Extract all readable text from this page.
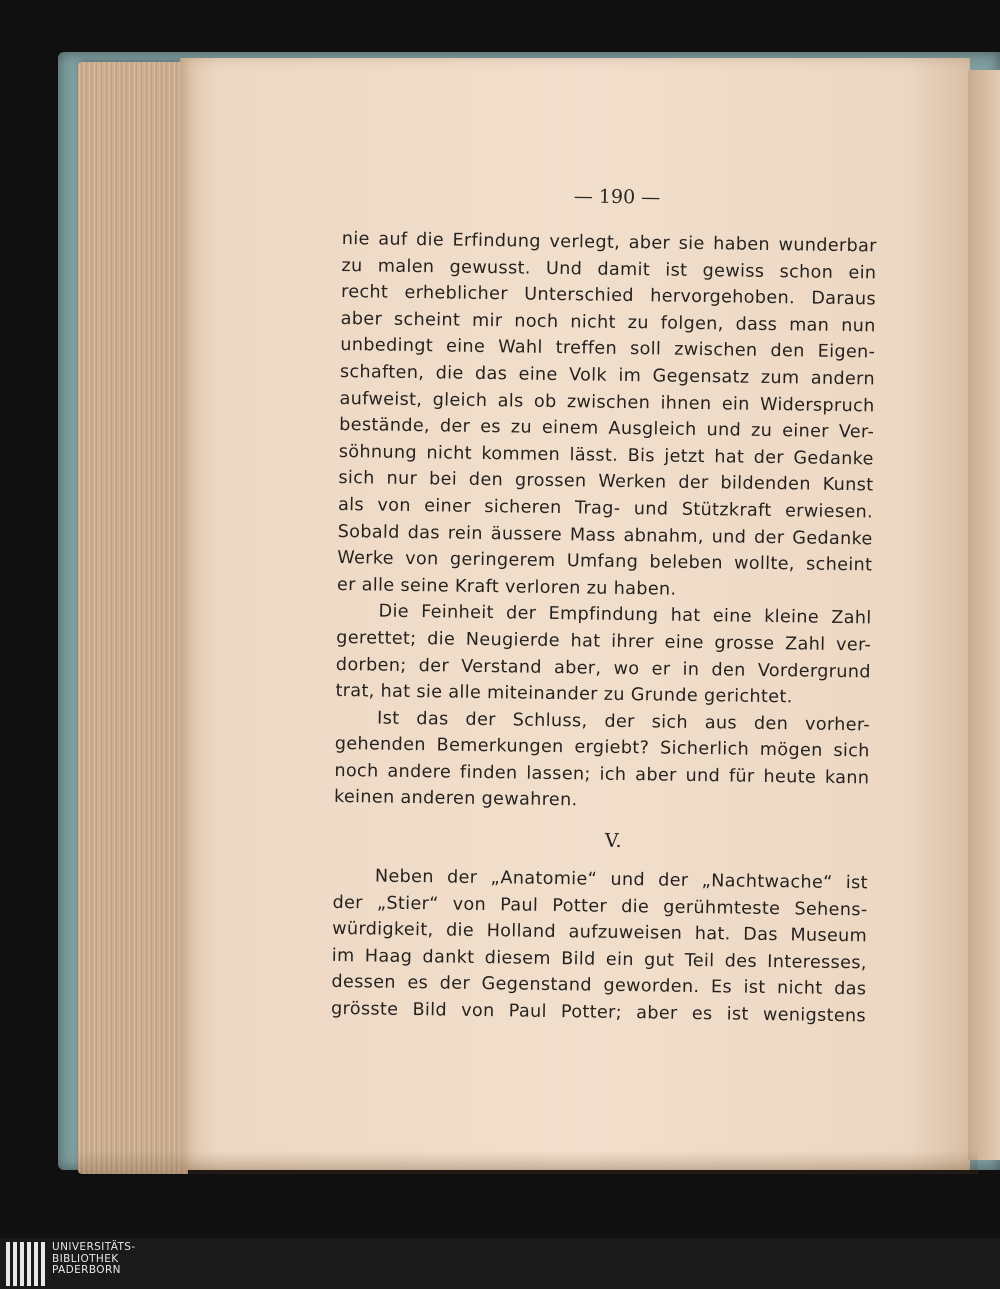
— 190 —
nie auf die Erfindung verlegt, aber sie haben wunderbar
zu malen gewusst. Und damit ist gewiss schon ein
recht erheblicher Unterschied hervorgehoben. Daraus
aber scheint mir noch nicht zu folgen, dass man nun
unbedingt eine Wahl treffen soll zwischen den Eigen-
schaften, die das eine Volk im Gegensatz zum andern
aufweist, gleich als ob zwischen ihnen ein Widerspruch
bestände, der es zu einem Ausgleich und zu einer Ver-
söhnung nicht kommen lässt. Bis jetzt hat der Gedanke
sich nur bei den grossen Werken der bildenden Kunst
als von einer sicheren Trag- und Stützkraft erwiesen.
Sobald das rein äussere Mass abnahm, und der Gedanke
Werke von geringerem Umfang beleben wollte, scheint
er alle seine Kraft verloren zu haben.
Die Feinheit der Empfindung hat eine kleine Zahl
gerettet; die Neugierde hat ihrer eine grosse Zahl ver-
dorben; der Verstand aber, wo er in den Vordergrund
trat, hat sie alle miteinander zu Grunde gerichtet.
Ist das der Schluss, der sich aus den vorher-
gehenden Bemerkungen ergiebt? Sicherlich mögen sich
noch andere finden lassen; ich aber und für heute kann
keinen anderen gewahren.
V.
Neben der „Anatomie“ und der „Nachtwache“ ist
der „Stier“ von Paul Potter die gerühmteste Sehens-
würdigkeit, die Holland aufzuweisen hat. Das Museum
im Haag dankt diesem Bild ein gut Teil des Interesses,
dessen es der Gegenstand geworden. Es ist nicht das
grösste Bild von Paul Potter; aber es ist wenigstens
UNIVERSITÄTS-
BIBLIOTHEK
PADERBORN
